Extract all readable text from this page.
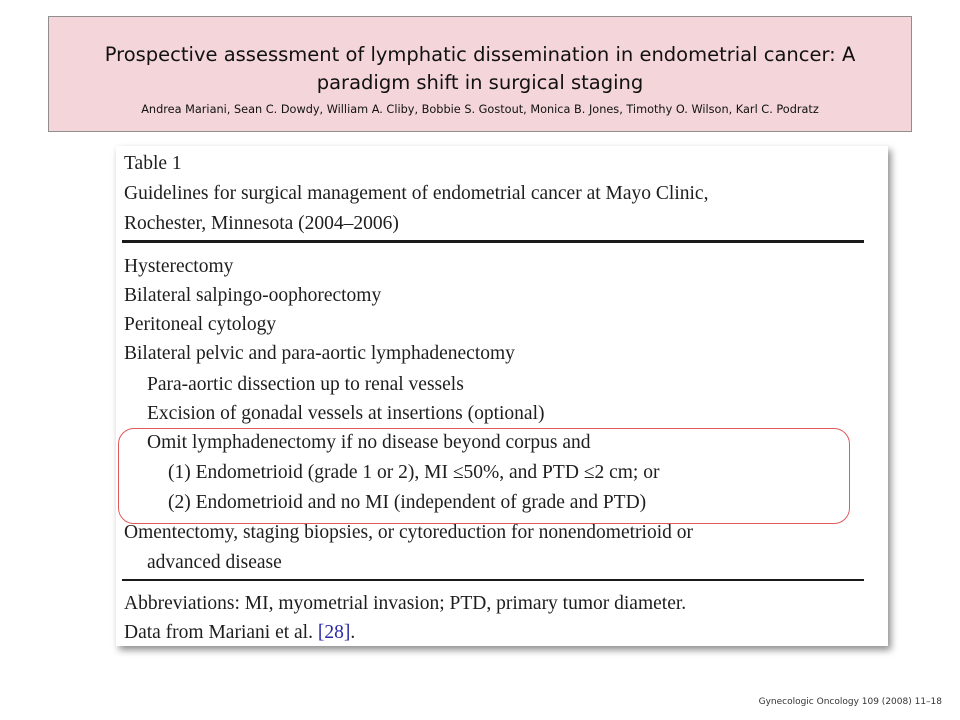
Prospective assessment of lymphatic dissemination in endometrial cancer: A paradigm shift in surgical staging
Andrea Mariani, Sean C. Dowdy, William A. Cliby, Bobbie S. Gostout, Monica B. Jones, Timothy O. Wilson, Karl C. Podratz
Table 1
Guidelines for surgical management of endometrial cancer at Mayo Clinic,
Rochester, Minnesota (2004–2006)
Hysterectomy
Bilateral salpingo-oophorectomy
Peritoneal cytology
Bilateral pelvic and para-aortic lymphadenectomy
Para-aortic dissection up to renal vessels
Excision of gonadal vessels at insertions (optional)
Omit lymphadenectomy if no disease beyond corpus and
(1) Endometrioid (grade 1 or 2), MI ≤50%, and PTD ≤2 cm; or
(2) Endometrioid and no MI (independent of grade and PTD)
Omentectomy, staging biopsies, or cytoreduction for nonendometrioid or
advanced disease
Abbreviations: MI, myometrial invasion; PTD, primary tumor diameter.
Data from Mariani et al. [28].
Gynecologic Oncology 109 (2008) 11–18
